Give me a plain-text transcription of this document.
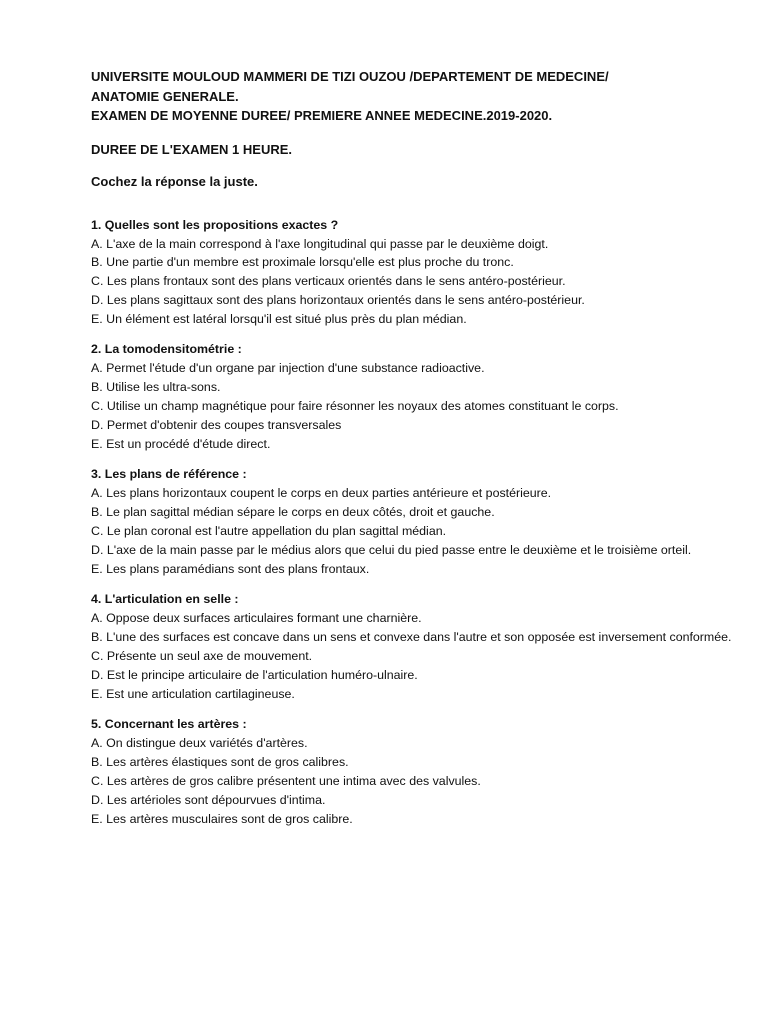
UNIVERSITE MOULOUD MAMMERI DE TIZI OUZOU /DEPARTEMENT DE MEDECINE/
ANATOMIE GENERALE.
EXAMEN DE MOYENNE DUREE/ PREMIERE ANNEE MEDECINE.2019-2020.
DUREE DE L'EXAMEN 1 HEURE.
Cochez la réponse la juste.
1. Quelles sont les propositions exactes ?
A. L'axe de la main correspond à l'axe longitudinal qui passe par le deuxième doigt.
B. Une partie d'un membre est proximale lorsqu'elle est plus proche du tronc.
C. Les plans frontaux sont des plans verticaux orientés dans le sens antéro-postérieur.
D. Les plans sagittaux sont des plans horizontaux orientés dans le sens antéro-postérieur.
E. Un élément est latéral lorsqu'il est situé plus près du plan médian.
2. La tomodensitométrie :
A. Permet l'étude d'un organe par injection d'une substance radioactive.
B. Utilise les ultra-sons.
C. Utilise un champ magnétique pour faire résonner les noyaux des atomes constituant le corps.
D. Permet d'obtenir des coupes transversales
E. Est un procédé d'étude direct.
3. Les plans de référence :
A. Les plans horizontaux coupent le corps en deux parties antérieure et postérieure.
B. Le plan sagittal médian sépare le corps en deux côtés, droit et gauche.
C. Le plan coronal est l'autre appellation du plan sagittal médian.
D. L'axe de la main passe par le médius alors que celui du pied passe entre le deuxième et le troisième orteil.
E. Les plans paramédians sont des plans frontaux.
4. L'articulation en selle :
A. Oppose deux surfaces articulaires formant une charnière.
B. L'une des surfaces est concave dans un sens et convexe dans l'autre et son opposée est inversement conformée.
C. Présente un seul axe de mouvement.
D. Est le principe articulaire de l'articulation huméro-ulnaire.
E. Est une articulation cartilagineuse.
5. Concernant les artères :
A. On distingue deux variétés d'artères.
B. Les artères élastiques sont de gros calibres.
C. Les artères de gros calibre présentent une intima avec des valvules.
D. Les artérioles sont dépourvues d'intima.
E. Les artères musculaires sont de gros calibre.
